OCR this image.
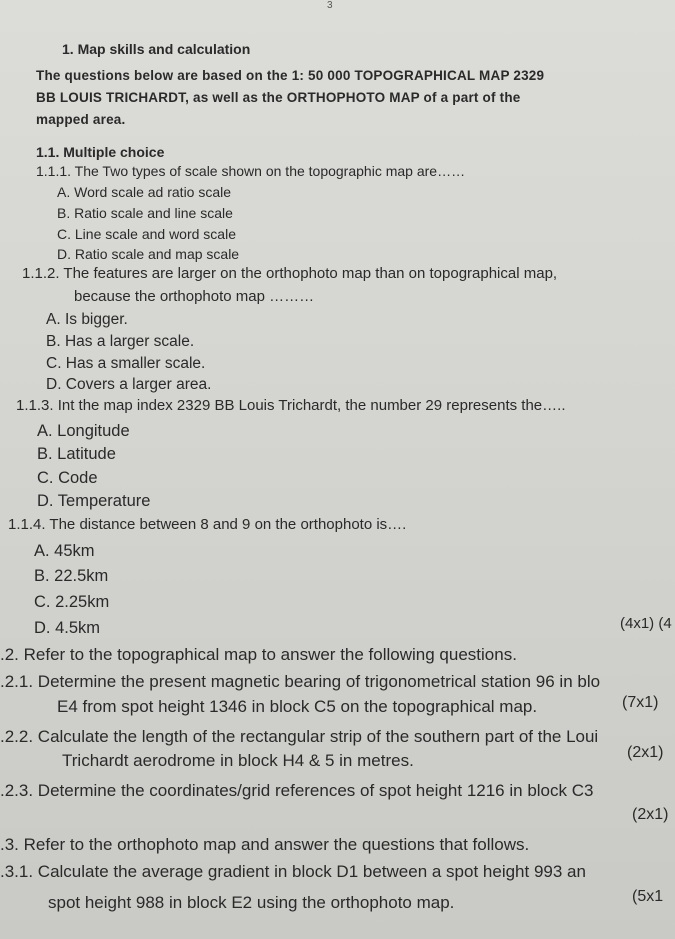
3
1. Map skills and calculation
The questions below are based on the 1: 50 000 TOPOGRAPHICAL MAP 2329
BB LOUIS TRICHARDT, as well as the ORTHOPHOTO MAP of a part of the
mapped area.
1.1. Multiple choice
1.1.1. The Two types of scale shown on the topographic map are……
A. Word scale ad ratio scale
B. Ratio scale and line scale
C. Line scale and word scale
D. Ratio scale and map scale
1.1.2. The features are larger on the orthophoto map than on topographical map,
because the orthophoto map ………
A. Is bigger.
B. Has a larger scale.
C. Has a smaller scale.
D. Covers a larger area.
1.1.3. Int the map index 2329 BB Louis Trichardt, the number 29 represents the…..
A. Longitude
B. Latitude
C. Code
D. Temperature
1.1.4. The distance between 8 and 9 on the orthophoto is….
A. 45km
B. 22.5km
C. 2.25km
D. 4.5km	(4x1) (4
.2. Refer to the topographical map to answer the following questions.
.2.1. Determine the present magnetic bearing of trigonometrical station 96 in blo
E4 from spot height 1346 in block C5 on the topographical map.	(7x1)
.2.2. Calculate the length of the rectangular strip of the southern part of the Loui
Trichardt aerodrome in block H4 & 5 in metres.	(2x1)
.2.3. Determine the coordinates/grid references of spot height 1216 in block C3
(2x1)
.3. Refer to the orthophoto map and answer the questions that follows.
.3.1. Calculate the average gradient in block D1 between a spot height 993 an
spot height 988 in block E2 using the orthophoto map.	(5x1
